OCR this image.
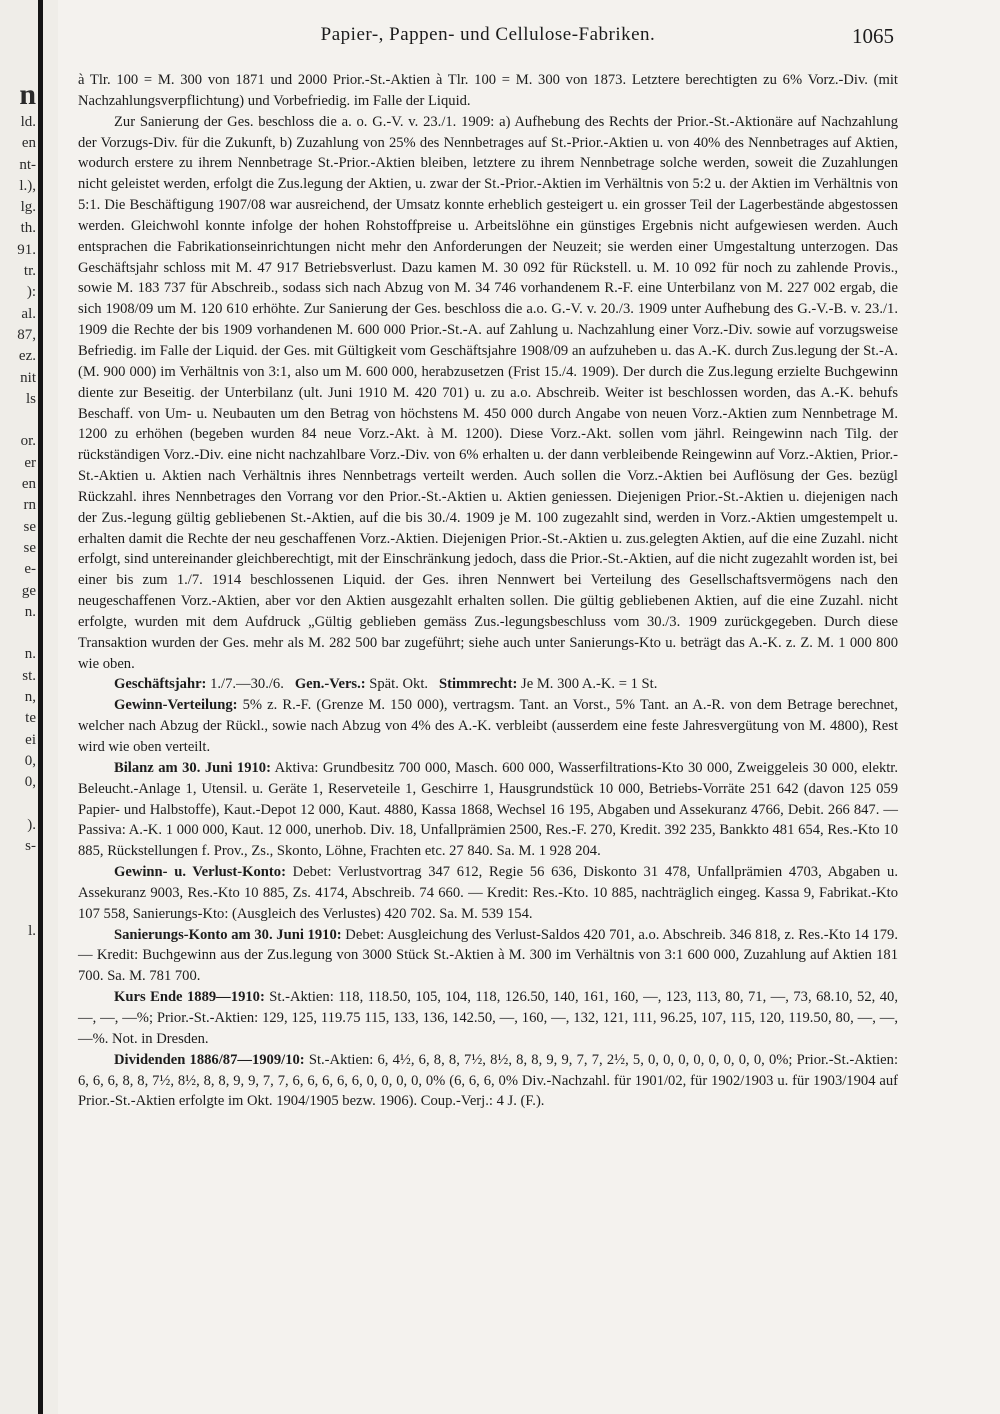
n
ld.
en
nt-
l.),
lg.
th.
91.
tr.
):
al.
87,
ez.
nit
ls

or.
er
en
rn
se
se
e-
ge
n.

n.
st.
n,
te
ei
0,
0,

).
s-

l.
Papier-, Pappen- und Cellulose-Fabriken.	1065

à Tlr. 100 = M. 300 von 1871 und 2000 Prior.-St.-Aktien à Tlr. 100 = M. 300 von 1873. Letztere berechtigten zu 6% Vorz.-Div. (mit Nachzahlungsverpflichtung) und Vorbefriedig. im Falle der Liquid.

Zur Sanierung der Ges. beschloss die a. o. G.-V. v. 23./1. 1909: a) Aufhebung des Rechts der Prior.-St.-Aktionäre auf Nachzahlung der Vorzugs-Div. für die Zukunft, b) Zuzahlung von 25% des Nennbetrages auf St.-Prior.-Aktien u. von 40% des Nennbetrages auf Aktien, wodurch erstere zu ihrem Nennbetrage St.-Prior.-Aktien bleiben, letztere zu ihrem Nennbetrage solche werden, soweit die Zuzahlungen nicht geleistet werden, erfolgt die Zus.legung der Aktien, u. zwar der St.-Prior.-Aktien im Verhältnis von 5:2 u. der Aktien im Verhältnis von 5:1. Die Beschäftigung 1907/08 war ausreichend, der Umsatz konnte erheblich gesteigert u. ein grosser Teil der Lagerbestände abgestossen werden. Gleichwohl konnte infolge der hohen Rohstoffpreise u. Arbeitslöhne ein günstiges Ergebnis nicht aufgewiesen werden. Auch entsprachen die Fabrikationseinrichtungen nicht mehr den Anforderungen der Neuzeit; sie werden einer Umgestaltung unterzogen. Das Geschäftsjahr schloss mit M. 47 917 Betriebsverlust. Dazu kamen M. 30 092 für Rückstell. u. M. 10 092 für noch zu zahlende Provis., sowie M. 183 737 für Abschreib., sodass sich nach Abzug von M. 34 746 vorhandenem R.-F. eine Unterbilanz von M. 227 002 ergab, die sich 1908/09 um M. 120 610 erhöhte. Zur Sanierung der Ges. beschloss die a.o. G.-V. v. 20./3. 1909 unter Aufhebung des G.-V.-B. v. 23./1. 1909 die Rechte der bis 1909 vorhandenen M. 600 000 Prior.-St.-A. auf Zahlung u. Nachzahlung einer Vorz.-Div. sowie auf vorzugsweise Befriedig. im Falle der Liquid. der Ges. mit Gültigkeit vom Geschäftsjahre 1908/09 an aufzuheben u. das A.-K. durch Zus.legung der St.-A. (M. 900 000) im Verhältnis von 3:1, also um M. 600 000, herabzusetzen (Frist 15./4. 1909). Der durch die Zus.legung erzielte Buchgewinn diente zur Beseitig. der Unterbilanz (ult. Juni 1910 M. 420 701) u. zu a.o. Abschreib. Weiter ist beschlossen worden, das A.-K. behufs Beschaff. von Um- u. Neubauten um den Betrag von höchstens M. 450 000 durch Angabe von neuen Vorz.-Aktien zum Nennbetrage M. 1200 zu erhöhen (begeben wurden 84 neue Vorz.-Akt. à M. 1200). Diese Vorz.-Akt. sollen vom jährl. Reingewinn nach Tilg. der rückständigen Vorz.-Div. eine nicht nachzahlbare Vorz.-Div. von 6% erhalten u. der dann verbleibende Reingewinn auf Vorz.-Aktien, Prior.-St.-Aktien u. Aktien nach Verhältnis ihres Nennbetrags verteilt werden. Auch sollen die Vorz.-Aktien bei Auflösung der Ges. bezügl Rückzahl. ihres Nennbetrages den Vorrang vor den Prior.-St.-Aktien u. Aktien geniessen. Diejenigen Prior.-St.-Aktien u. diejenigen nach der Zus.-legung gültig gebliebenen St.-Aktien, auf die bis 30./4. 1909 je M. 100 zugezahlt sind, werden in Vorz.-Aktien umgestempelt u. erhalten damit die Rechte der neu geschaffenen Vorz.-Aktien. Diejenigen Prior.-St.-Aktien u. zus.gelegten Aktien, auf die eine Zuzahl. nicht erfolgt, sind untereinander gleichberechtigt, mit der Einschränkung jedoch, dass die Prior.-St.-Aktien, auf die nicht zugezahlt worden ist, bei einer bis zum 1./7. 1914 beschlossenen Liquid. der Ges. ihren Nennwert bei Verteilung des Gesellschaftsvermögens nach den neugeschaffenen Vorz.-Aktien, aber vor den Aktien ausgezahlt erhalten sollen. Die gültig gebliebenen Aktien, auf die eine Zuzahl. nicht erfolgte, wurden mit dem Aufdruck „Gültig geblieben gemäss Zus.-legungsbeschluss vom 30./3. 1909 zurückgegeben. Durch diese Transaktion wurden der Ges. mehr als M. 282 500 bar zugeführt; siehe auch unter Sanierungs-Kto u. beträgt das A.-K. z. Z. M. 1 000 800 wie oben.

Geschäftsjahr: 1./7.—30./6. Gen.-Vers.: Spät. Okt. Stimmrecht: Je M. 300 A.-K. = 1 St.

Gewinn-Verteilung: 5% z. R.-F. (Grenze M. 150 000), vertragsm. Tant. an Vorst., 5% Tant. an A.-R. von dem Betrage berechnet, welcher nach Abzug der Rückl., sowie nach Abzug von 4% des A.-K. verbleibt (ausserdem eine feste Jahresvergütung von M. 4800), Rest wird wie oben verteilt.

Bilanz am 30. Juni 1910: Aktiva: Grundbesitz 700 000, Masch. 600 000, Wasserfiltrations-Kto 30 000, Zweiggeleis 30 000, elektr. Beleucht.-Anlage 1, Utensil. u. Geräte 1, Reserveteile 1, Geschirre 1, Hausgrundstück 10 000, Betriebs-Vorräte 251 642 (davon 125 059 Papier- und Halbstoffe), Kaut.-Depot 12 000, Kaut. 4880, Kassa 1868, Wechsel 16 195, Abgaben und Assekuranz 4766, Debit. 266 847. — Passiva: A.-K. 1 000 000, Kaut. 12 000, unerhob. Div. 18, Unfallprämien 2500, Res.-F. 270, Kredit. 392 235, Bankkto 481 654, Res.-Kto 10 885, Rückstellungen f. Prov., Zs., Skonto, Löhne, Frachten etc. 27 840. Sa. M. 1 928 204.

Gewinn- u. Verlust-Konto: Debet: Verlustvortrag 347 612, Regie 56 636, Diskonto 31 478, Unfallprämien 4703, Abgaben u. Assekuranz 9003, Res.-Kto 10 885, Zs. 4174, Abschreib. 74 660. — Kredit: Res.-Kto. 10 885, nachträglich eingeg. Kassa 9, Fabrikat.-Kto 107 558, Sanierungs-Kto: (Ausgleich des Verlustes) 420 702. Sa. M. 539 154.

Sanierungs-Konto am 30. Juni 1910: Debet: Ausgleichung des Verlust-Saldos 420 701, a.o. Abschreib. 346 818, z. Res.-Kto 14 179. — Kredit: Buchgewinn aus der Zus.legung von 3000 Stück St.-Aktien à M. 300 im Verhältnis von 3:1 600 000, Zuzahlung auf Aktien 181 700. Sa. M. 781 700.

Kurs Ende 1889—1910: St.-Aktien: 118, 118.50, 105, 104, 118, 126.50, 140, 161, 160, —, 123, 113, 80, 71, —, 73, 68.10, 52, 40, —, —, —%; Prior.-St.-Aktien: 129, 125, 119.75 115, 133, 136, 142.50, —, 160, —, 132, 121, 111, 96.25, 107, 115, 120, 119.50, 80, —, —, —%. Not. in Dresden.

Dividenden 1886/87—1909/10: St.-Aktien: 6, 4½, 6, 8, 8, 7½, 8½, 8, 8, 9, 9, 7, 7, 2½, 5, 0, 0, 0, 0, 0, 0, 0, 0, 0%; Prior.-St.-Aktien: 6, 6, 6, 8, 8, 7½, 8½, 8, 8, 9, 9, 7, 7, 6, 6, 6, 6, 6, 0, 0, 0, 0, 0% (6, 6, 6, 0% Div.-Nachzahl. für 1901/02, für 1902/1903 u. für 1903/1904 auf Prior.-St.-Aktien erfolgte im Okt. 1904/1905 bezw. 1906). Coup.-Verj.: 4 J. (F.).
